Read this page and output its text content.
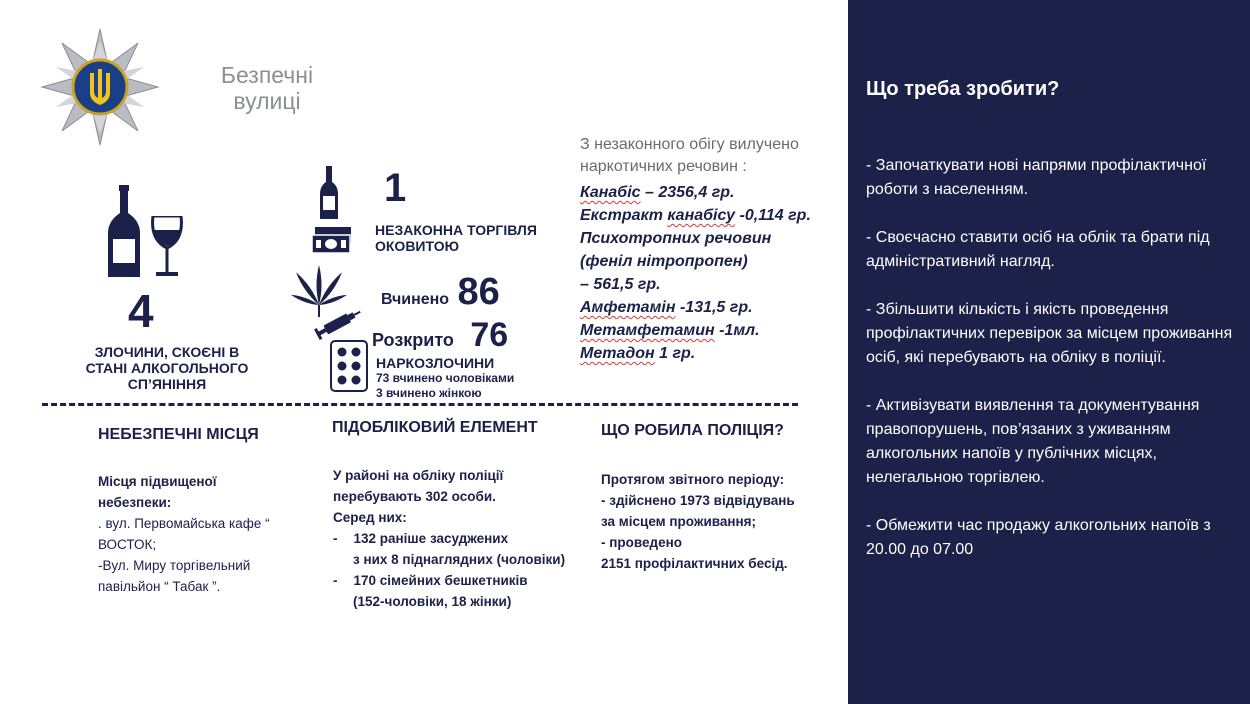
Безпечні
вулиці
4
ЗЛОЧИНИ, СКОЄНІ В
СТАНІ АЛКОГОЛЬНОГО
СП’ЯНІННЯ
1
НЕЗАКОННА ТОРГІВЛЯ
ОКОВИТОЮ
Вчинено 86
Розкрито 76
НАРКОЗЛОЧИНИ
73 вчинено чоловіками
3 вчинено жінкою
З незаконного обігу вилучено
наркотичних речовин :
Канабіс – 2356,4 гр.
Екстракт канабісу -0,114 гр.
Психотропних речовин
(феніл нітропропен)
– 561,5 гр.
Амфетамін -131,5 гр.
Метамфетамин -1мл.
Метадон 1 гр.
НЕБЕЗПЕЧНІ МІСЦЯ
Місця підвищеної
небезпеки:
. вул. Первомайська кафе “
ВОСТОК;
-Вул. Миру торгівельний
павільйон “ Табак ”.
ПІДОБЛІКОВИЙ ЕЛЕМЕНТ
У районі на обліку поліції
перебувають 302 особи.
Серед них:
- 132 раніше засуджених
з них 8 піднаглядних (чоловіки)
- 170 сімейних бешкетників
(152-чоловіки, 18 жінки)
ЩО РОБИЛА ПОЛІЦІЯ?
Протягом звітного періоду:
- здійснено 1973 відвідувань
за місцем проживання;
- проведено
2151 профілактичних бесід.
Що треба зробити?

- Започаткувати нові напрями профілактичної роботи з населенням.

- Своєчасно ставити осіб на облік та брати під адміністративний нагляд.

- Збільшити кількість і якість проведення профілактичних перевірок за місцем проживання осіб, які перебувають на обліку в поліції.

- Активізувати виявлення та документування правопорушень, пов’язаних з уживанням алкогольних напоїв у публічних місцях, нелегальною торгівлею.

- Обмежити час продажу алкогольних напоїв з 20.00 до 07.00
